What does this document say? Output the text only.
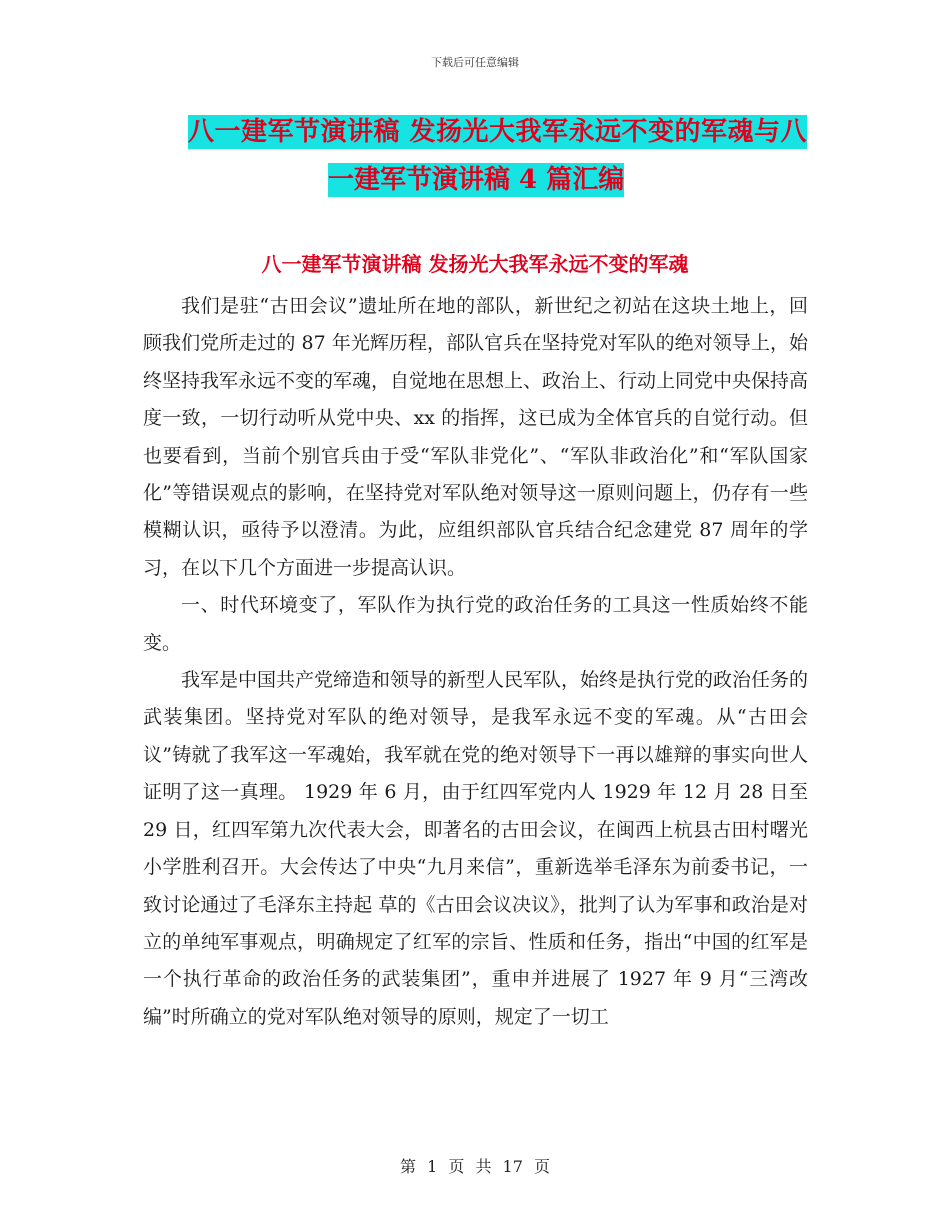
下载后可任意编辑
八一建军节演讲稿 发扬光大我军永远不变的军魂与八
一建军节演讲稿 4 篇汇编
八一建军节演讲稿 发扬光大我军永远不变的军魂

我们是驻“古田会议”遗址所在地的部队，新世纪之初站在这块土地上，回顾我们党所走过的 87 年光辉历程，部队官兵在坚持党对军队的绝对领导上，始终坚持我军永远不变的军魂，自觉地在思想上、政治上、行动上同党中央保持高度一致，一切行动听从党中央、xx 的指挥，这已成为全体官兵的自觉行动。但也要看到，当前个别官兵由于受“军队非党化”、“军队非政治化”和“军队国家化”等错误观点的影响，在坚持党对军队绝对领导这一原则问题上，仍存有一些模糊认识，亟待予以澄清。为此，应组织部队官兵结合纪念建党 87 周年的学习，在以下几个方面进一步提高认识。

一、时代环境变了，军队作为执行党的政治任务的工具这一性质始终不能变。

我军是中国共产党缔造和领导的新型人民军队，始终是执行党的政治任务的武装集团。坚持党对军队的绝对领导，是我军永远不变的军魂。从“古田会议”铸就了我军这一军魂始，我军就在党的绝对领导下一再以雄辩的事实向世人证明了这一真理。 1929 年 6 月，由于红四军党内人 1929 年 12 月 28 日至 29 日，红四军第九次代表大会，即著名的古田会议，在闽西上杭县古田村曙光小学胜利召开。大会传达了中央“九月来信”，重新选举毛泽东为前委书记，一致讨论通过了毛泽东主持起 草的《古田会议决议》，批判了认为军事和政治是对立的单纯军事观点，明确规定了红军的宗旨、性质和任务，指出“中国的红军是一个执行革命的政治任务的武装集团”，重申并进展了 1927 年 9 月“三湾改编”时所确立的党对军队绝对领导的原则，规定了一切工

第 1 页 共 17 页
